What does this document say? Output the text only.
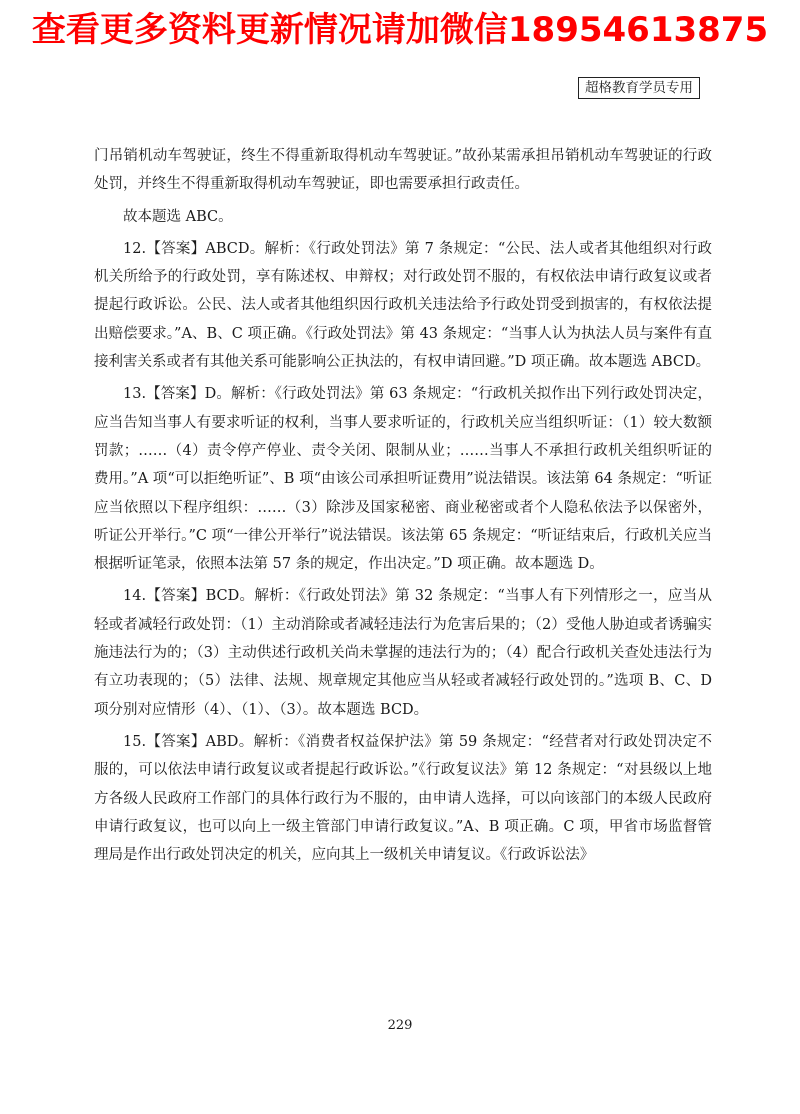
查看更多资料更新情况请加微信18954613875
超格教育学员专用

门吊销机动车驾驶证，终生不得重新取得机动车驾驶证。”故孙某需承担吊销机动车驾驶证的行政处罚，并终生不得重新取得机动车驾驶证，即也需要承担行政责任。

故本题选 ABC。

12.【答案】ABCD。解析：《行政处罚法》第 7 条规定：“公民、法人或者其他组织对行政机关所给予的行政处罚，享有陈述权、申辩权；对行政处罚不服的，有权依法申请行政复议或者提起行政诉讼。公民、法人或者其他组织因行政机关违法给予行政处罚受到损害的，有权依法提出赔偿要求。”A、B、C 项正确。《行政处罚法》第 43 条规定：“当事人认为执法人员与案件有直接利害关系或者有其他关系可能影响公正执法的，有权申请回避。”D 项正确。故本题选 ABCD。

13.【答案】D。解析：《行政处罚法》第 63 条规定：“行政机关拟作出下列行政处罚决定，应当告知当事人有要求听证的权利，当事人要求听证的，行政机关应当组织听证：（1）较大数额罚款；……（4）责令停产停业、责令关闭、限制从业；……当事人不承担行政机关组织听证的费用。”A 项“可以拒绝听证”、B 项“由该公司承担听证费用”说法错误。该法第 64 条规定：“听证应当依照以下程序组织：……（3）除涉及国家秘密、商业秘密或者个人隐私依法予以保密外，听证公开举行。”C 项“一律公开举行”说法错误。该法第 65 条规定：“听证结束后，行政机关应当根据听证笔录，依照本法第 57 条的规定，作出决定。”D 项正确。故本题选 D。

14.【答案】BCD。解析：《行政处罚法》第 32 条规定：“当事人有下列情形之一，应当从轻或者减轻行政处罚：（1）主动消除或者减轻违法行为危害后果的；（2）受他人胁迫或者诱骗实施违法行为的；（3）主动供述行政机关尚未掌握的违法行为的；（4）配合行政机关查处违法行为有立功表现的；（5）法律、法规、规章规定其他应当从轻或者减轻行政处罚的。”选项 B、C、D 项分别对应情形（4）、（1）、（3）。故本题选 BCD。

15.【答案】ABD。解析：《消费者权益保护法》第 59 条规定：“经营者对行政处罚决定不服的，可以依法申请行政复议或者提起行政诉讼。”《行政复议法》第 12 条规定：“对县级以上地方各级人民政府工作部门的具体行政行为不服的，由申请人选择，可以向该部门的本级人民政府申请行政复议，也可以向上一级主管部门申请行政复议。”A、B 项正确。C 项，甲省市场监督管理局是作出行政处罚决定的机关，应向其上一级机关申请复议。《行政诉讼法》

229
